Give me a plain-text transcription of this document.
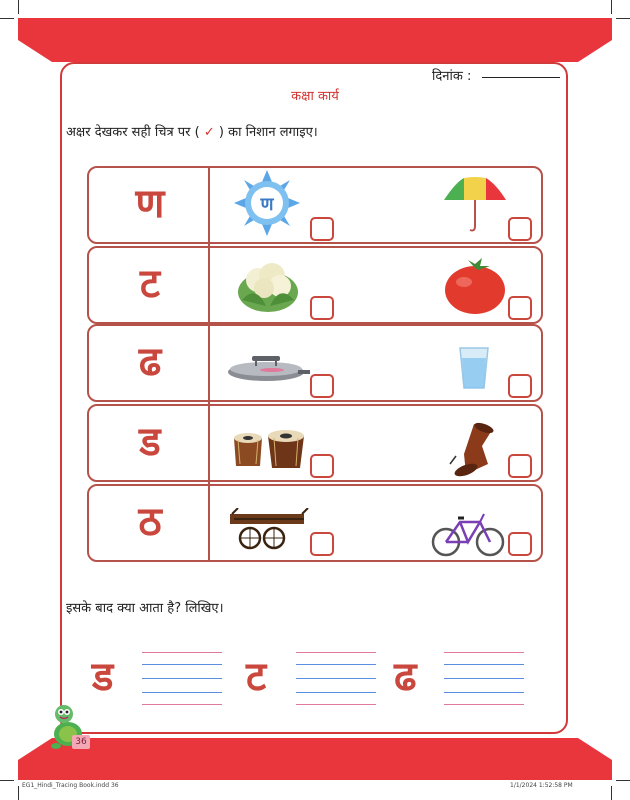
दिनांक :
कक्षा कार्य
अक्षर देखकर सही चित्र पर ( ✓ ) का निशान लगाइए।
ण
ट
ढ
ड
ठ
ण
इसके बाद क्या आता है? लिखिए।
ड	ट	ढ
36
EG1_Hindi_Tracing Book.indd 36	1/1/2024 1:52:58 PM
